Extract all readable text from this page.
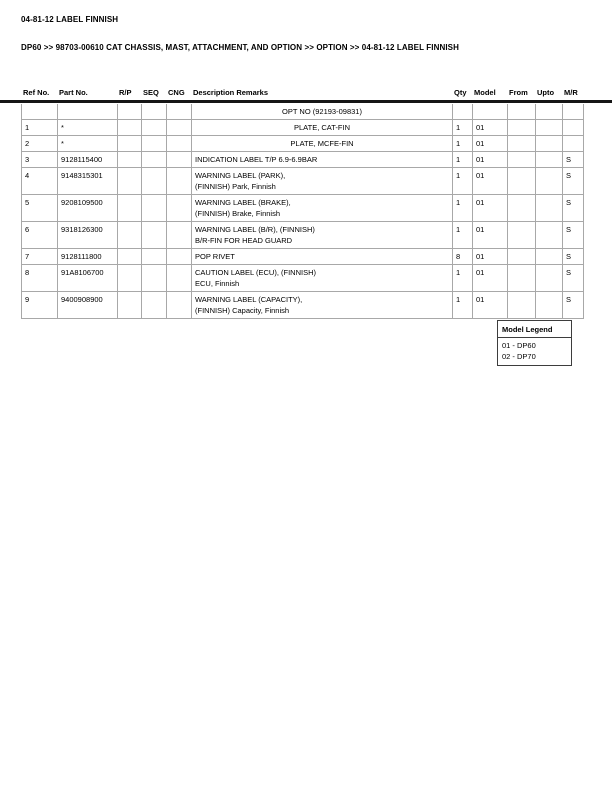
04-81-12 LABEL FINNISH
DP60 >> 98703-00610 CAT CHASSIS, MAST, ATTACHMENT, AND OPTION >> OPTION >> 04-81-12 LABEL FINNISH
Ref No.	Part No.	R/P	SEQ	CNG	Description Remarks	Qty Model	From	Upto	M/R

					OPT NO (92193-09831)					

1	*				PLATE, CAT-FIN	1	01			
2	*				PLATE, MCFE-FIN	1	01			
3	9128115400				INDICATION LABEL T/P 6.9-6.9BAR	1	01			S
4	9148315301				WARNING LABEL (PARK),
(FINNISH) Park, Finnish	1	01			S
5	9208109500				WARNING LABEL (BRAKE),
(FINNISH) Brake, Finnish	1	01			S
6	9318126300				WARNING LABEL (B/R), (FINNISH)
B/R-FIN FOR HEAD GUARD	1	01			S
7	9128111800				POP RIVET	8	01			S
8	91A8106700				CAUTION LABEL (ECU), (FINNISH)
ECU, Finnish	1	01			S
9	9400908900				WARNING LABEL (CAPACITY),
(FINNISH) Capacity, Finnish	1	01			S
Model Legend
01 - DP60
02 - DP70
